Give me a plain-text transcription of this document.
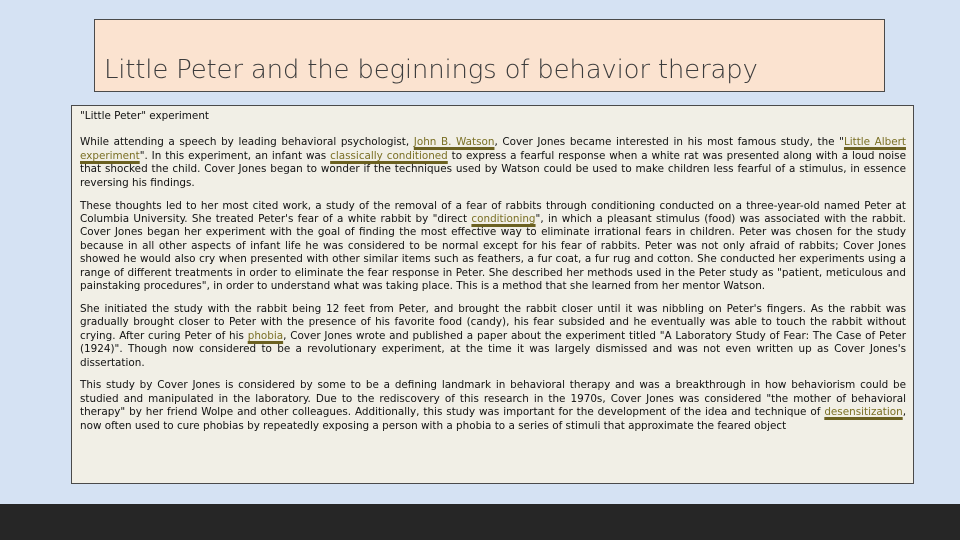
Little Peter and the beginnings of behavior therapy

"Little Peter" experiment

While attending a speech by leading behavioral psychologist, John B. Watson, Cover Jones became interested in his most famous study, the "Little Albert experiment". In this experiment, an infant was classically conditioned to express a fearful response when a white rat was presented along with a loud noise that shocked the child. Cover Jones began to wonder if the techniques used by Watson could be used to make children less fearful of a stimulus, in essence reversing his findings.

These thoughts led to her most cited work, a study of the removal of a fear of rabbits through conditioning conducted on a three-year-old named Peter at Columbia University. She treated Peter's fear of a white rabbit by "direct conditioning", in which a pleasant stimulus (food) was associated with the rabbit. Cover Jones began her experiment with the goal of finding the most effective way to eliminate irrational fears in children. Peter was chosen for the study because in all other aspects of infant life he was considered to be normal except for his fear of rabbits. Peter was not only afraid of rabbits; Cover Jones showed he would also cry when presented with other similar items such as feathers, a fur coat, a fur rug and cotton. She conducted her experiments using a range of different treatments in order to eliminate the fear response in Peter. She described her methods used in the Peter study as "patient, meticulous and painstaking procedures", in order to understand what was taking place. This is a method that she learned from her mentor Watson.

She initiated the study with the rabbit being 12 feet from Peter, and brought the rabbit closer until it was nibbling on Peter's fingers. As the rabbit was gradually brought closer to Peter with the presence of his favorite food (candy), his fear subsided and he eventually was able to touch the rabbit without crying. After curing Peter of his phobia, Cover Jones wrote and published a paper about the experiment titled "A Laboratory Study of Fear: The Case of Peter (1924)". Though now considered to be a revolutionary experiment, at the time it was largely dismissed and was not even written up as Cover Jones's dissertation.

This study by Cover Jones is considered by some to be a defining landmark in behavioral therapy and was a breakthrough in how behaviorism could be studied and manipulated in the laboratory. Due to the rediscovery of this research in the 1970s, Cover Jones was considered "the mother of behavioral therapy" by her friend Wolpe and other colleagues. Additionally, this study was important for the development of the idea and technique of desensitization, now often used to cure phobias by repeatedly exposing a person with a phobia to a series of stimuli that approximate the feared object
